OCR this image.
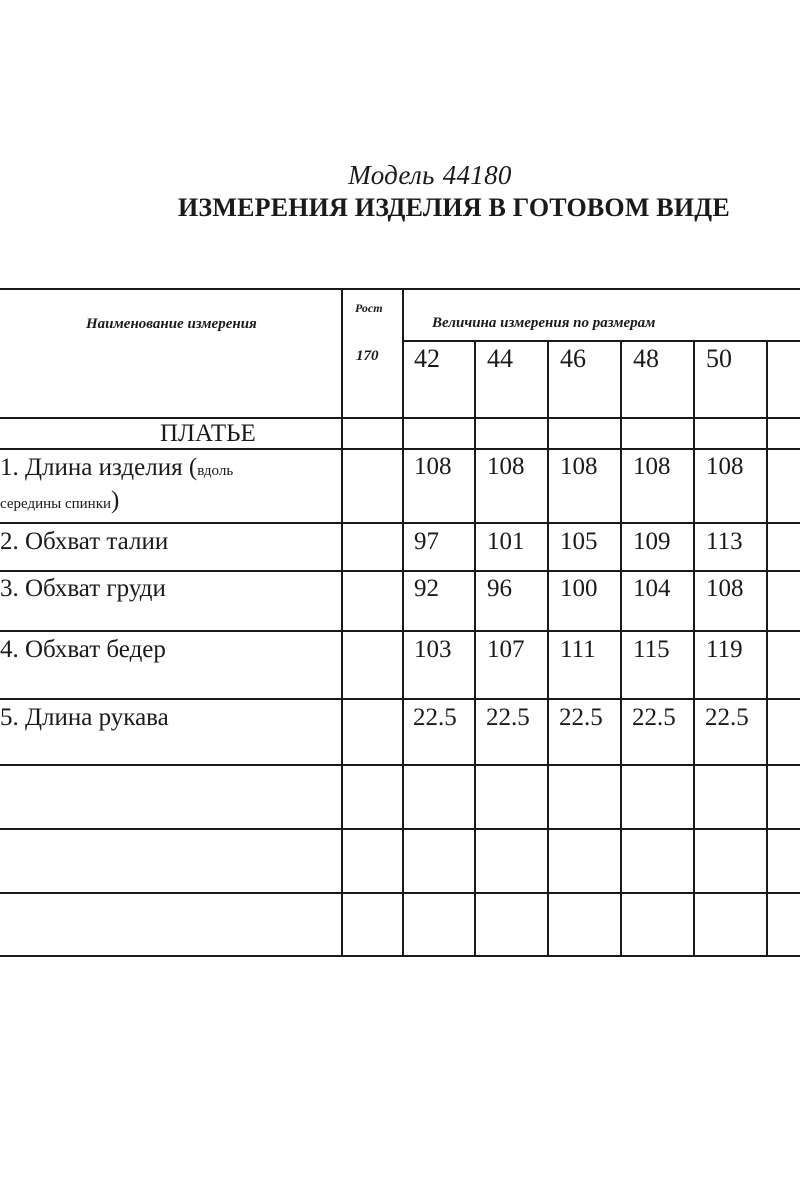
Модель 44180
ИЗМЕРЕНИЯ ИЗДЕЛИЯ В ГОТОВОМ ВИДЕ
Наименование измерения
Рост
170
Величина измерения по размерам
42 44 46 48 50
ПЛАТЬЕ
1. Длина изделия (вдоль
середины спинки)
108 108 108 108 108
2. Обхват талии	97 101 105 109 113
3. Обхват груди	92 96 100 104 108
4. Обхват бедер	103 107 111 115 119
5. Длина рукава	22.5 22.5 22.5 22.5 22.5
